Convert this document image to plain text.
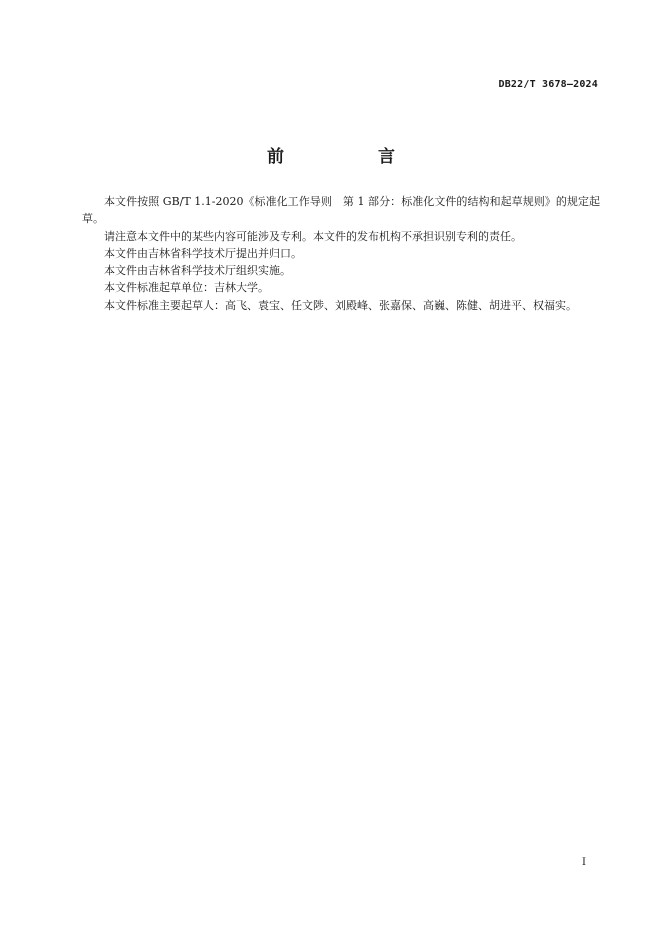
DB22/T 3678—2024
前　　言

本文件按照 GB/T 1.1-2020《标准化工作导则　第 1 部分：标准化文件的结构和起草规则》的规定起草。

请注意本文件中的某些内容可能涉及专利。本文件的发布机构不承担识别专利的责任。

本文件由吉林省科学技术厅提出并归口。

本文件由吉林省科学技术厅组织实施。

本文件标准起草单位：吉林大学。

本文件标准主要起草人：高飞、袁宝、任文陟、刘殿峰、张嘉保、高巍、陈健、胡进平、权福实。

I
